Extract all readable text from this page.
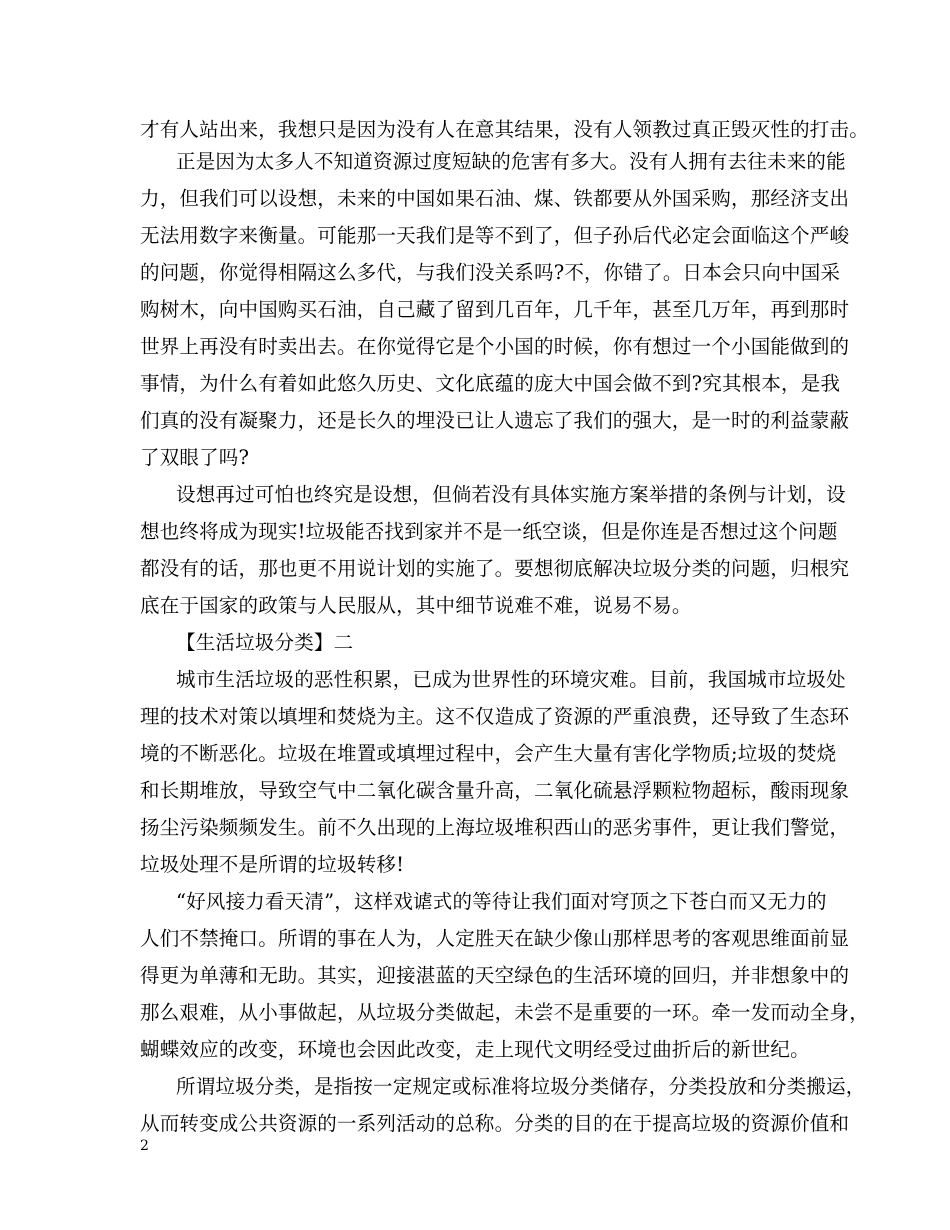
才有人站出来，我想只是因为没有人在意其结果，没有人领教过真正毁灭性的打击。
正是因为太多人不知道资源过度短缺的危害有多大。没有人拥有去往未来的能
力，但我们可以设想，未来的中国如果石油、煤、铁都要从外国采购，那经济支出
无法用数字来衡量。可能那一天我们是等不到了，但子孙后代必定会面临这个严峻
的问题，你觉得相隔这么多代，与我们没关系吗?不，你错了。日本会只向中国采
购树木，向中国购买石油，自己藏了留到几百年，几千年，甚至几万年，再到那时
世界上再没有时卖出去。在你觉得它是个小国的时候，你有想过一个小国能做到的
事情，为什么有着如此悠久历史、文化底蕴的庞大中国会做不到?究其根本，是我
们真的没有凝聚力，还是长久的埋没已让人遗忘了我们的强大，是一时的利益蒙蔽
了双眼了吗?
设想再过可怕也终究是设想，但倘若没有具体实施方案举措的条例与计划，设
想也终将成为现实!垃圾能否找到家并不是一纸空谈，但是你连是否想过这个问题
都没有的话，那也更不用说计划的实施了。要想彻底解决垃圾分类的问题，归根究
底在于国家的政策与人民服从，其中细节说难不难，说易不易。
【生活垃圾分类】二
城市生活垃圾的恶性积累，已成为世界性的环境灾难。目前，我国城市垃圾处
理的技术对策以填埋和焚烧为主。这不仅造成了资源的严重浪费，还导致了生态环
境的不断恶化。垃圾在堆置或填埋过程中，会产生大量有害化学物质;垃圾的焚烧
和长期堆放，导致空气中二氧化碳含量升高，二氧化硫悬浮颗粒物超标，酸雨现象
扬尘污染频频发生。前不久出现的上海垃圾堆积西山的恶劣事件，更让我们警觉，
垃圾处理不是所谓的垃圾转移!
“好风接力看天清”，这样戏谑式的等待让我们面对穹顶之下苍白而又无力的
人们不禁掩口。所谓的事在人为，人定胜天在缺少像山那样思考的客观思维面前显
得更为单薄和无助。其实，迎接湛蓝的天空绿色的生活环境的回归，并非想象中的
那么艰难，从小事做起，从垃圾分类做起，未尝不是重要的一环。牵一发而动全身，
蝴蝶效应的改变，环境也会因此改变，走上现代文明经受过曲折后的新世纪。
所谓垃圾分类，是指按一定规定或标准将垃圾分类储存，分类投放和分类搬运，
从而转变成公共资源的一系列活动的总称。分类的目的在于提高垃圾的资源价值和
2
